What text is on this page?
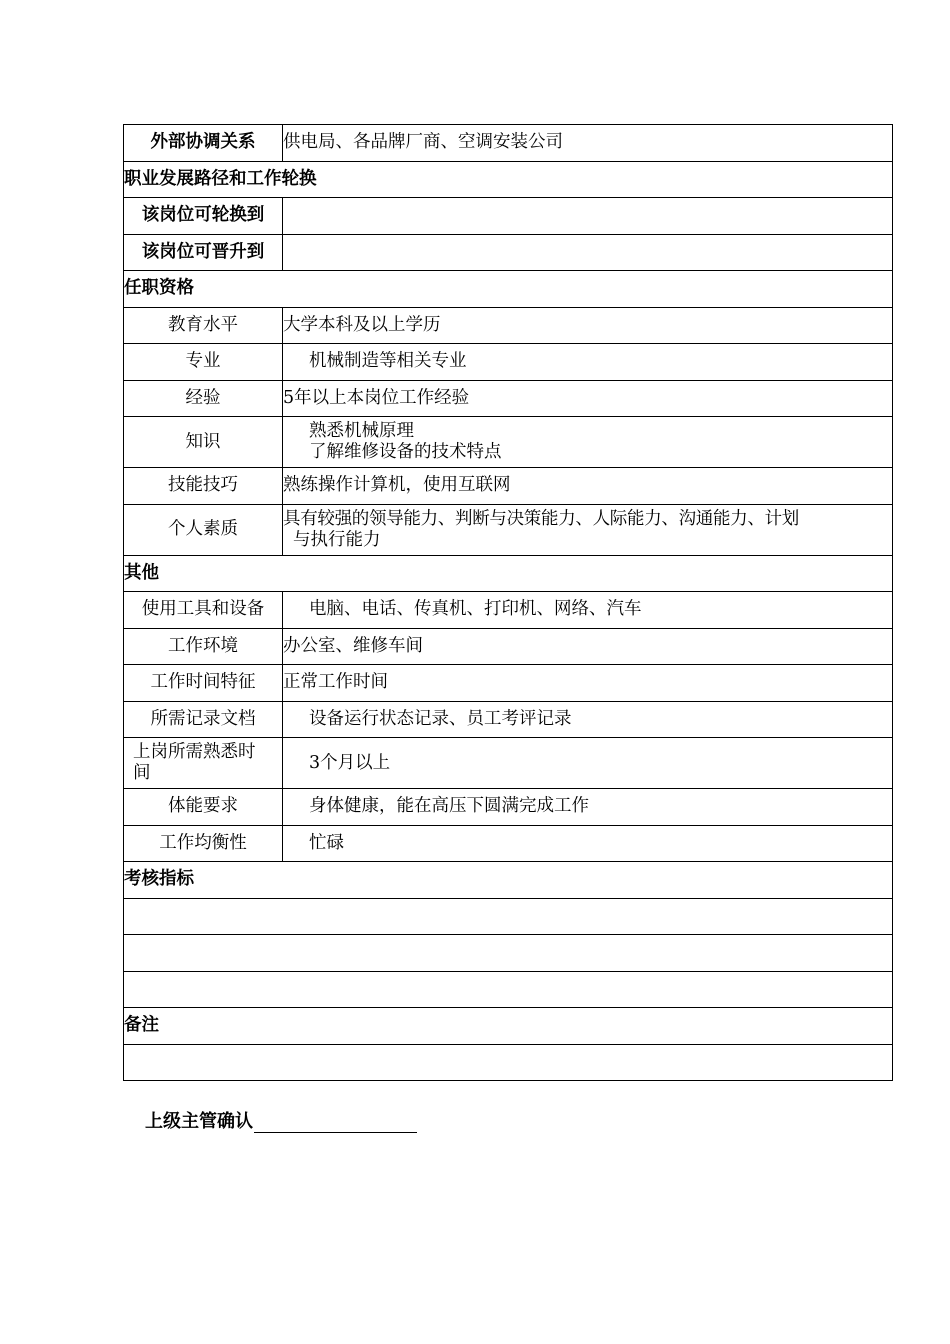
外部协调关系	供电局、各品牌厂商、空调安装公司
职业发展路径和工作轮换	
该岗位可轮换到	
该岗位可晋升到	
任职资格	
教育水平	大学本科及以上学历
专业	机械制造等相关专业
经验	5年以上本岗位工作经验
知识	熟悉机械原理
了解维修设备的技术特点

技能技巧	熟练操作计算机，使用互联网
个人素质	具有较强的领导能力、判断与决策能力、人际能力、沟通能力、计划
与执行能力

其他	
使用工具和设备	电脑、电话、传真机、打印机、网络、汽车
工作环境	办公室、维修车间
工作时间特征	正常工作时间
所需记录文档	设备运行状态记录、员工考评记录

上岗所需熟悉时
间	3个月以上
体能要求	身体健康，能在高压下圆满完成工作
工作均衡性	忙碌
考核指标	

备注	

上级主管确认
